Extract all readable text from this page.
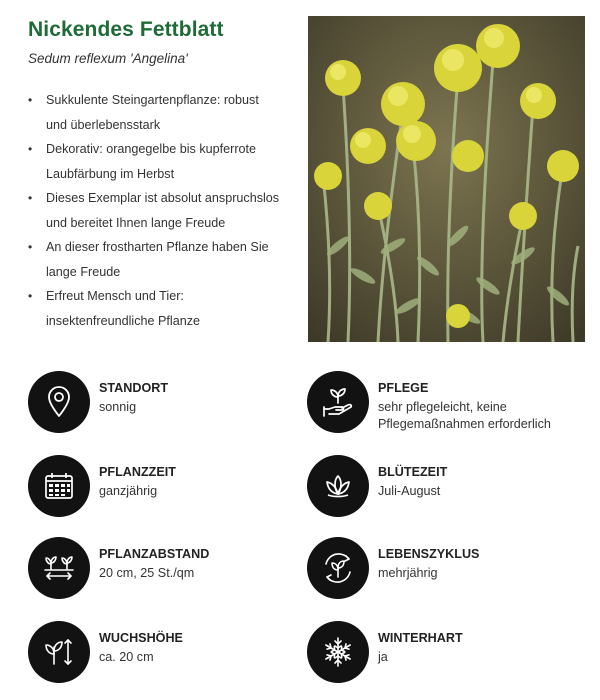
Nickendes Fettblatt
Sedum reflexum 'Angelina'
• Sukkulente Steingartenpflanze: robust
und überlebensstark
• Dekorativ: orangegelbe bis kupferrote
Laubfärbung im Herbst
• Dieses Exemplar ist absolut anspruchslos
und bereitet Ihnen lange Freude
• An dieser frostharten Pflanze haben Sie
lange Freude
• Erfreut Mensch und Tier:
insektenfreundliche Pflanze
STANDORT
sonnig
PFLEGE
sehr pflegeleicht, keine
Pflegemaßnahmen erforderlich
PFLANZZEIT
ganzjährig
BLÜTEZEIT
Juli-August
PFLANZABSTAND
20 cm, 25 St./qm
LEBENSZYKLUS
mehrjährig
WUCHSHÖHE
ca. 20 cm
WINTERHART
ja
